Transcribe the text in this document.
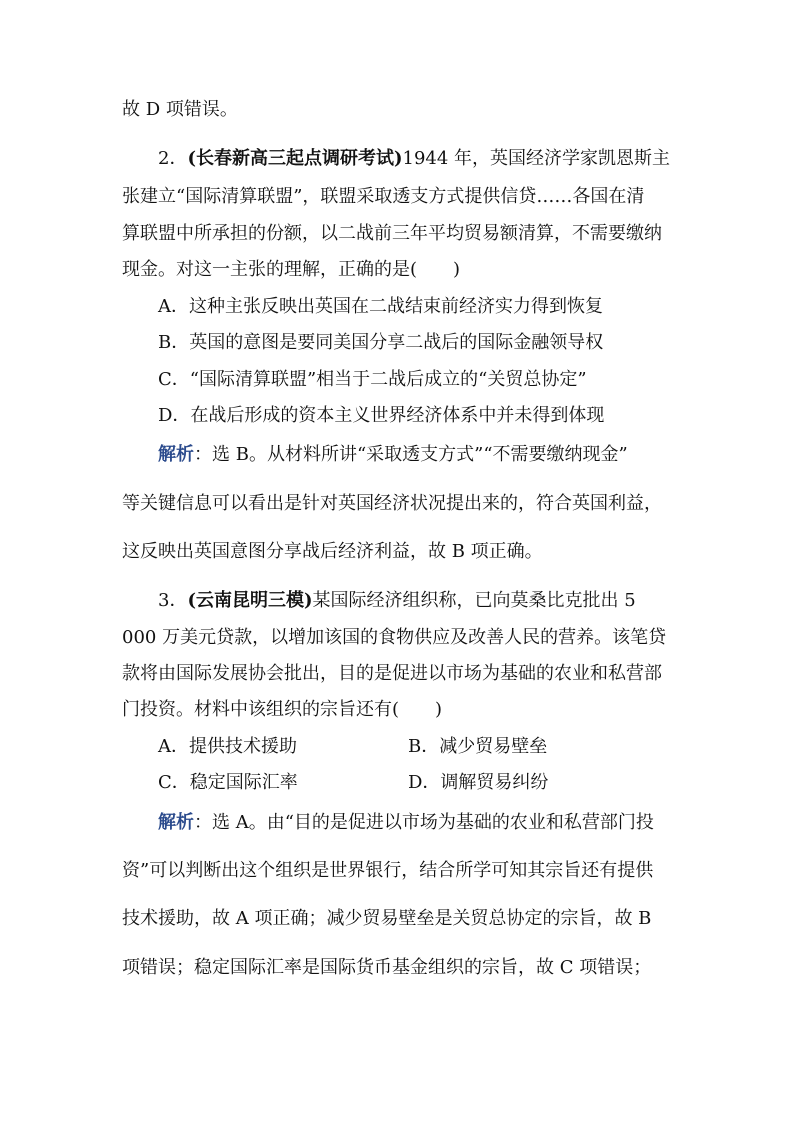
故 D 项错误。
2．(长春新高三起点调研考试)1944 年，英国经济学家凯恩斯主
张建立“国际清算联盟”，联盟采取透支方式提供信贷……各国在清
算联盟中所承担的份额，以二战前三年平均贸易额清算，不需要缴纳
现金。对这一主张的理解，正确的是(　　)
A．这种主张反映出英国在二战结束前经济实力得到恢复
B．英国的意图是要同美国分享二战后的国际金融领导权
C．“国际清算联盟”相当于二战后成立的“关贸总协定”
D．在战后形成的资本主义世界经济体系中并未得到体现
解析：选 B。从材料所讲“采取透支方式”“不需要缴纳现金”
等关键信息可以看出是针对英国经济状况提出来的，符合英国利益，
这反映出英国意图分享战后经济利益，故 B 项正确。
3．(云南昆明三模)某国际经济组织称，已向莫桑比克批出 5
000 万美元贷款，以增加该国的食物供应及改善人民的营养。该笔贷
款将由国际发展协会批出，目的是促进以市场为基础的农业和私营部
门投资。材料中该组织的宗旨还有(　　)
A．提供技术援助	B．减少贸易壁垒
C．稳定国际汇率	D．调解贸易纠纷
解析：选 A。由“目的是促进以市场为基础的农业和私营部门投
资”可以判断出这个组织是世界银行，结合所学可知其宗旨还有提供
技术援助，故 A 项正确；减少贸易壁垒是关贸总协定的宗旨，故 B
项错误；稳定国际汇率是国际货币基金组织的宗旨，故 C 项错误；
